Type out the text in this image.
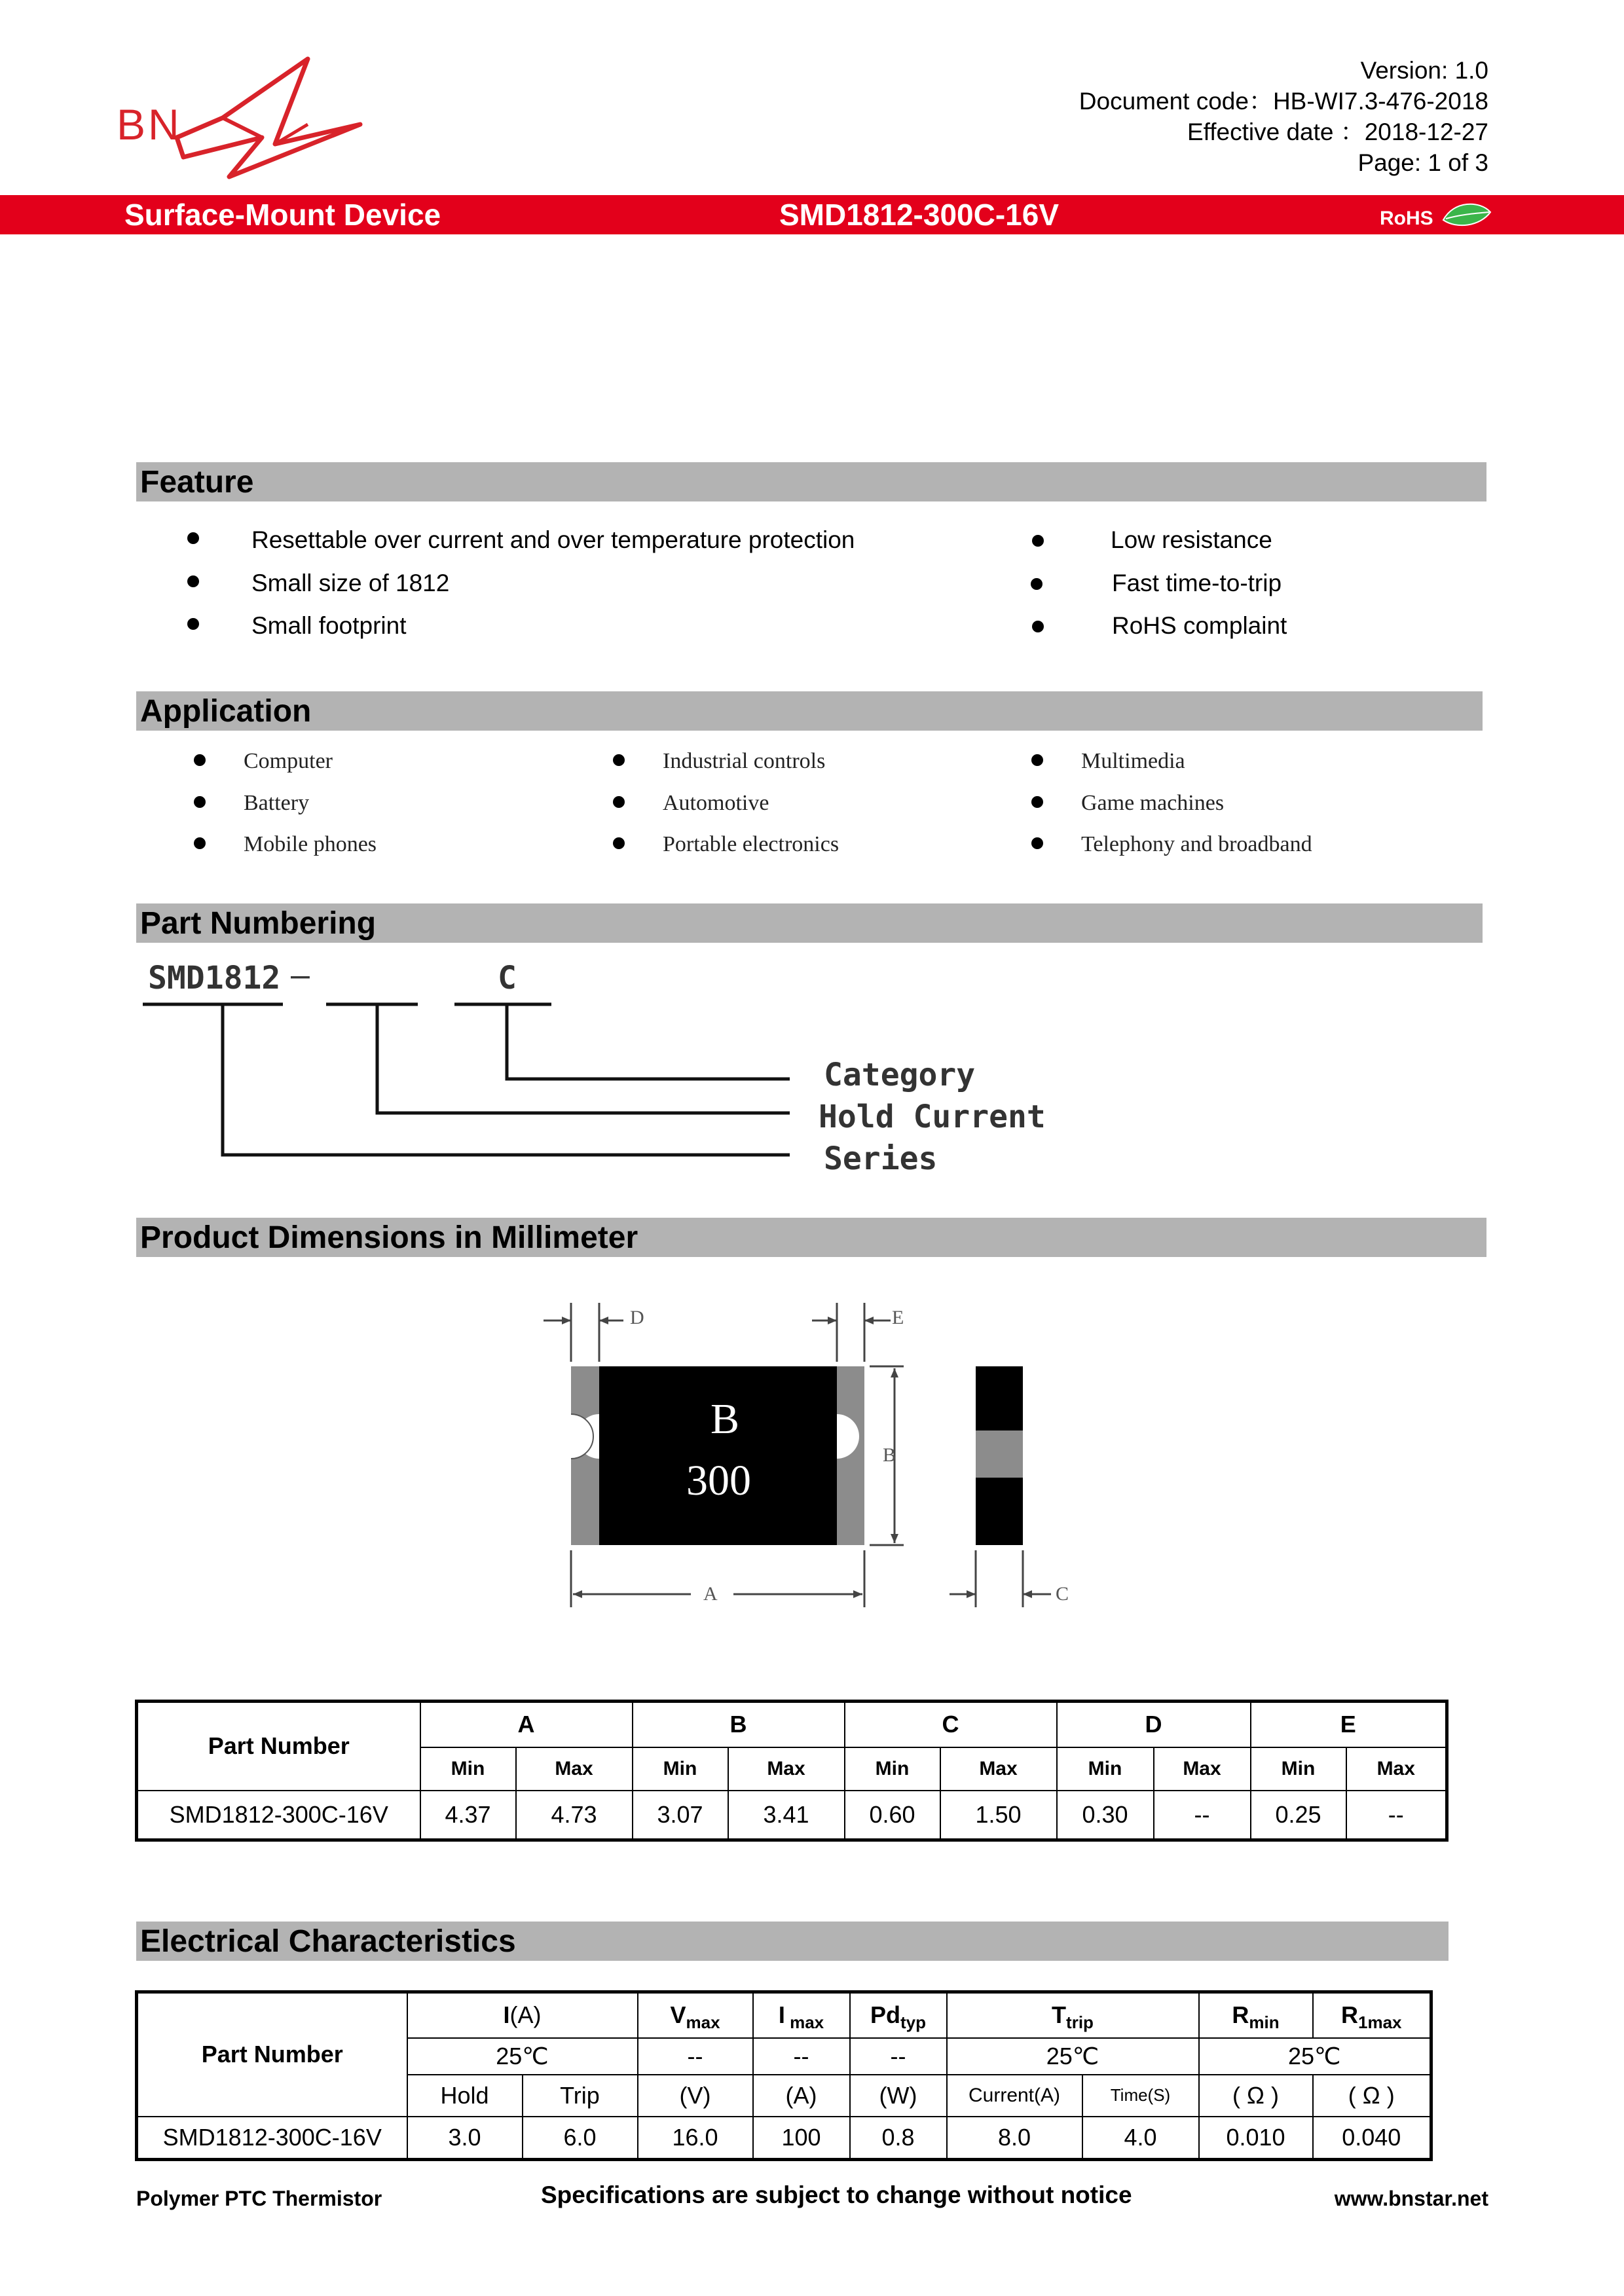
BN
Version: 1.0
Document code：HB-WI7.3-476-2018
Effective date ：2018-12-27
Page: 1 of 3
Surface-Mount Device	SMD1812-300C-16V	RoHS
Feature
Resettable over current and over temperature protection
Small size of 1812
Small footprint
Low resistance
Fast time-to-trip
RoHS complaint
Application
Computer
Battery
Mobile phones
Industrial controls
Automotive
Portable electronics
Multimedia
Game machines
Telephony and broadband
Part Numbering
SMD1812 —	C
Category
Hold Current
Series
Product Dimensions in Millimeter
B
300
D	E
B
A	C
Part Number	A		B		C		D		E	
	Min	Max	Min	Max	Min	Max	Min	Max	Min	Max
SMD1812-300C-16V	4.37	4.73	3.07	3.41	0.60	1.50	0.30	--	0.25	--
Electrical Characteristics
Part Number	I(A)		$V_{max}$	I $_{max}$	$Pd_{typ}$	$T_{trip}$		$R_{min}$	$R_{1max}$
	25℃		--	--	--	25℃		25℃	
	Hold	Trip	(V)	(A)	(W)	Current(A)	Time(S)	( Ω )	( Ω )
SMD1812-300C-16V	3.0	6.0	16.0	100	0.8	8.0	4.0	0.010	0.040
Polymer PTC Thermistor	Specifications are subject to change without notice	www.bnstar.net
